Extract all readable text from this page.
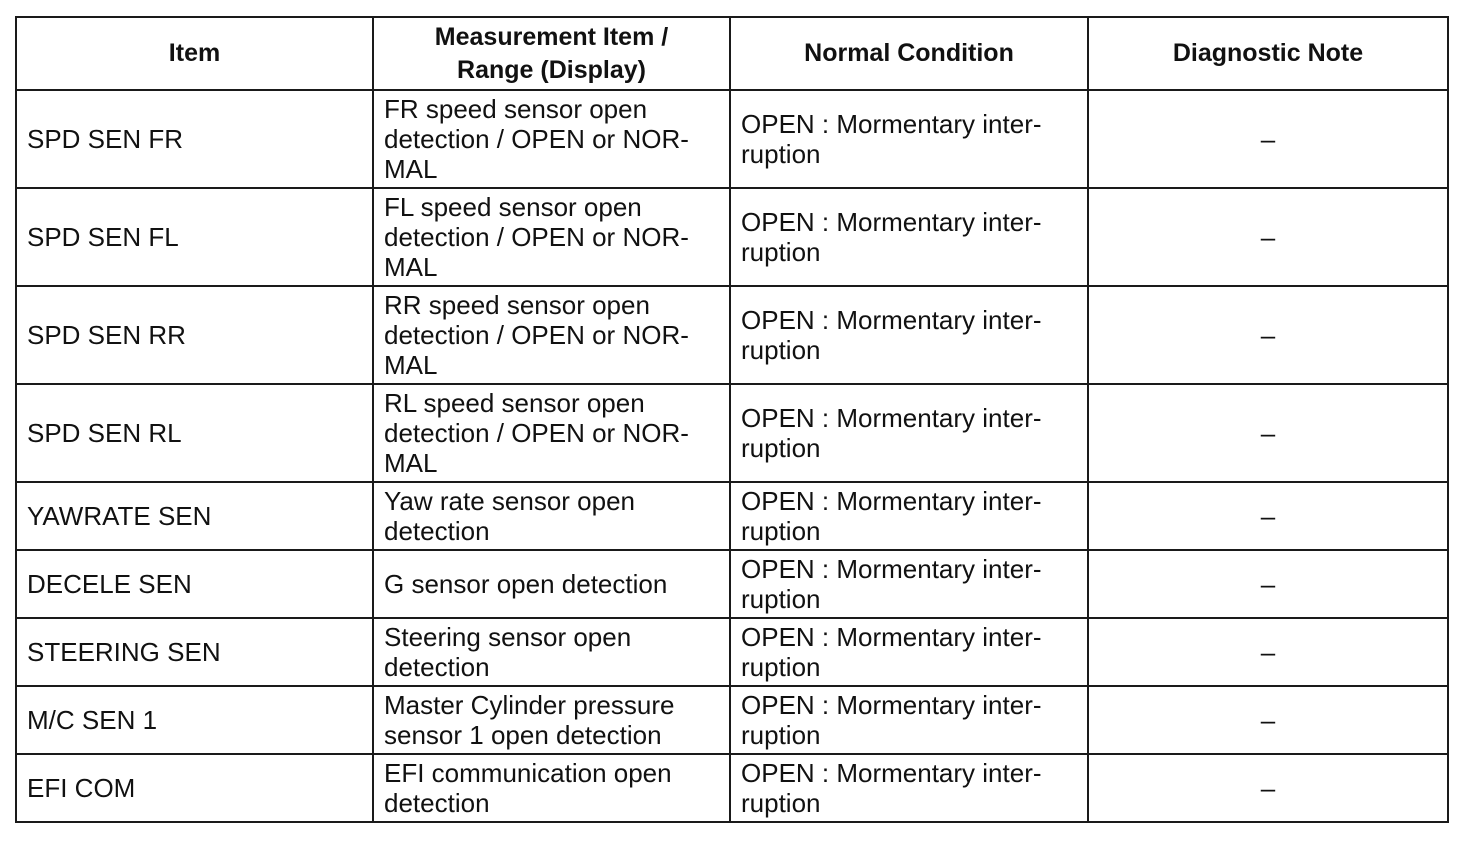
Item	Measurement Item /
Range (Display)	Normal Condition	Diagnostic Note
SPD SEN FR	FR speed sensor open
detection / OPEN or NOR-
MAL	OPEN : Mormentary inter-
ruption	–
SPD SEN FL	FL speed sensor open
detection / OPEN or NOR-
MAL	OPEN : Mormentary inter-
ruption	–
SPD SEN RR	RR speed sensor open
detection / OPEN or NOR-
MAL	OPEN : Mormentary inter-
ruption	–
SPD SEN RL	RL speed sensor open
detection / OPEN or NOR-
MAL	OPEN : Mormentary inter-
ruption	–
YAWRATE SEN	Yaw rate sensor open
detection	OPEN : Mormentary inter-
ruption	–
DECELE SEN	G sensor open detection	OPEN : Mormentary inter-
ruption	–
STEERING SEN	Steering sensor open
detection	OPEN : Mormentary inter-
ruption	–
M/C SEN 1	Master Cylinder pressure
sensor 1 open detection	OPEN : Mormentary inter-
ruption	–
EFI COM	EFI communication open
detection	OPEN : Mormentary inter-
ruption	–
